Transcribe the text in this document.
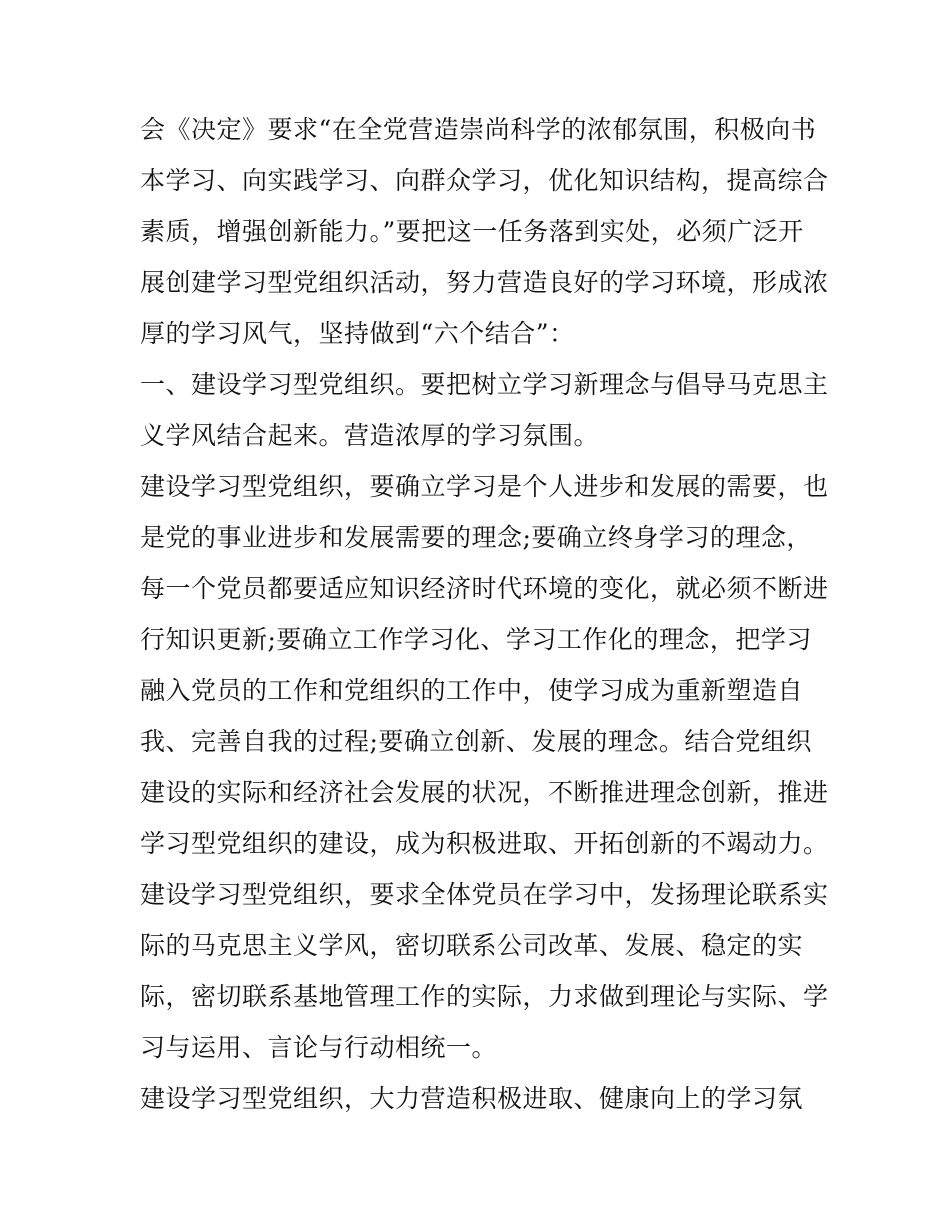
会《决定》要求“在全党营造崇尚科学的浓郁氛围，积极向书
本学习、向实践学习、向群众学习，优化知识结构，提高综合
素质，增强创新能力。”要把这一任务落到实处，必须广泛开
展创建学习型党组织活动，努力营造良好的学习环境，形成浓
厚的学习风气，坚持做到“六个结合”：
一、建设学习型党组织。要把树立学习新理念与倡导马克思主
义学风结合起来。营造浓厚的学习氛围。
建设学习型党组织，要确立学习是个人进步和发展的需要，也
是党的事业进步和发展需要的理念;要确立终身学习的理念，
每一个党员都要适应知识经济时代环境的变化，就必须不断进
行知识更新;要确立工作学习化、学习工作化的理念，把学习
融入党员的工作和党组织的工作中，使学习成为重新塑造自
我、完善自我的过程;要确立创新、发展的理念。结合党组织
建设的实际和经济社会发展的状况，不断推进理念创新，推进
学习型党组织的建设，成为积极进取、开拓创新的不竭动力。
建设学习型党组织，要求全体党员在学习中，发扬理论联系实
际的马克思主义学风，密切联系公司改革、发展、稳定的实
际，密切联系基地管理工作的实际，力求做到理论与实际、学
习与运用、言论与行动相统一。
建设学习型党组织，大力营造积极进取、健康向上的学习氛
